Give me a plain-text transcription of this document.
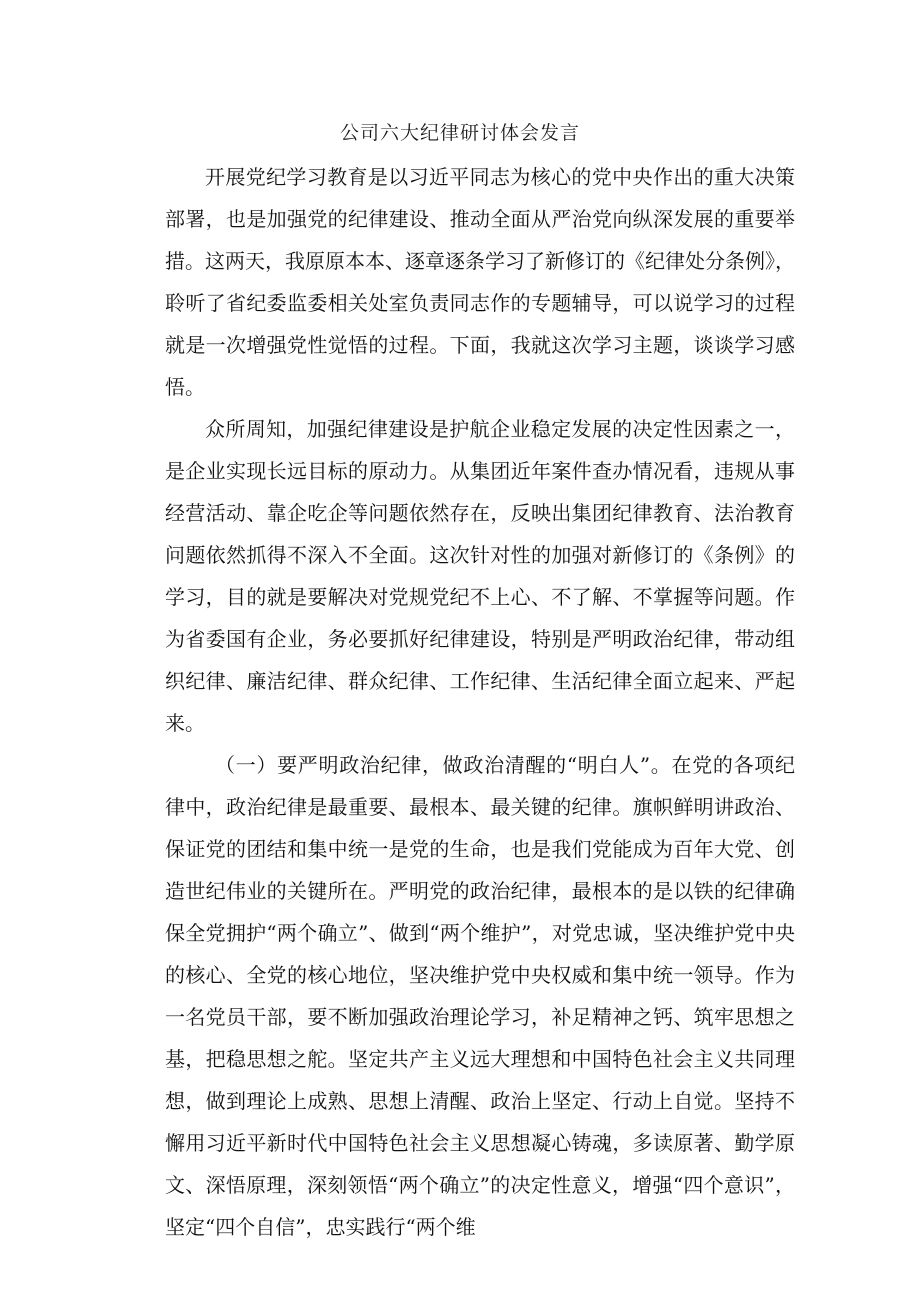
公司六大纪律研讨体会发言

开展党纪学习教育是以习近平同志为核心的党中央作出的重大决策部署，也是加强党的纪律建设、推动全面从严治党向纵深发展的重要举措。这两天，我原原本本、逐章逐条学习了新修订的《纪律处分条例》，聆听了省纪委监委相关处室负责同志作的专题辅导，可以说学习的过程就是一次增强党性觉悟的过程。下面，我就这次学习主题，谈谈学习感悟。

众所周知，加强纪律建设是护航企业稳定发展的决定性因素之一，是企业实现长远目标的原动力。从集团近年案件查办情况看，违规从事经营活动、靠企吃企等问题依然存在，反映出集团纪律教育、法治教育问题依然抓得不深入不全面。这次针对性的加强对新修订的《条例》的学习，目的就是要解决对党规党纪不上心、不了解、不掌握等问题。作为省委国有企业，务必要抓好纪律建设，特别是严明政治纪律，带动组织纪律、廉洁纪律、群众纪律、工作纪律、生活纪律全面立起来、严起来。

（一）要严明政治纪律，做政治清醒的“明白人”。在党的各项纪律中，政治纪律是最重要、最根本、最关键的纪律。旗帜鲜明讲政治、保证党的团结和集中统一是党的生命，也是我们党能成为百年大党、创造世纪伟业的关键所在。严明党的政治纪律，最根本的是以铁的纪律确保全党拥护“两个确立”、做到“两个维护”，对党忠诚，坚决维护党中央的核心、全党的核心地位，坚决维护党中央权威和集中统一领导。作为一名党员干部，要不断加强政治理论学习，补足精神之钙、筑牢思想之基，把稳思想之舵。坚定共产主义远大理想和中国特色社会主义共同理想，做到理论上成熟、思想上清醒、政治上坚定、行动上自觉。坚持不懈用习近平新时代中国特色社会主义思想凝心铸魂，多读原著、勤学原文、深悟原理，深刻领悟“两个确立”的决定性意义，增强“四个意识”，坚定“四个自信”，忠实践行“两个维
